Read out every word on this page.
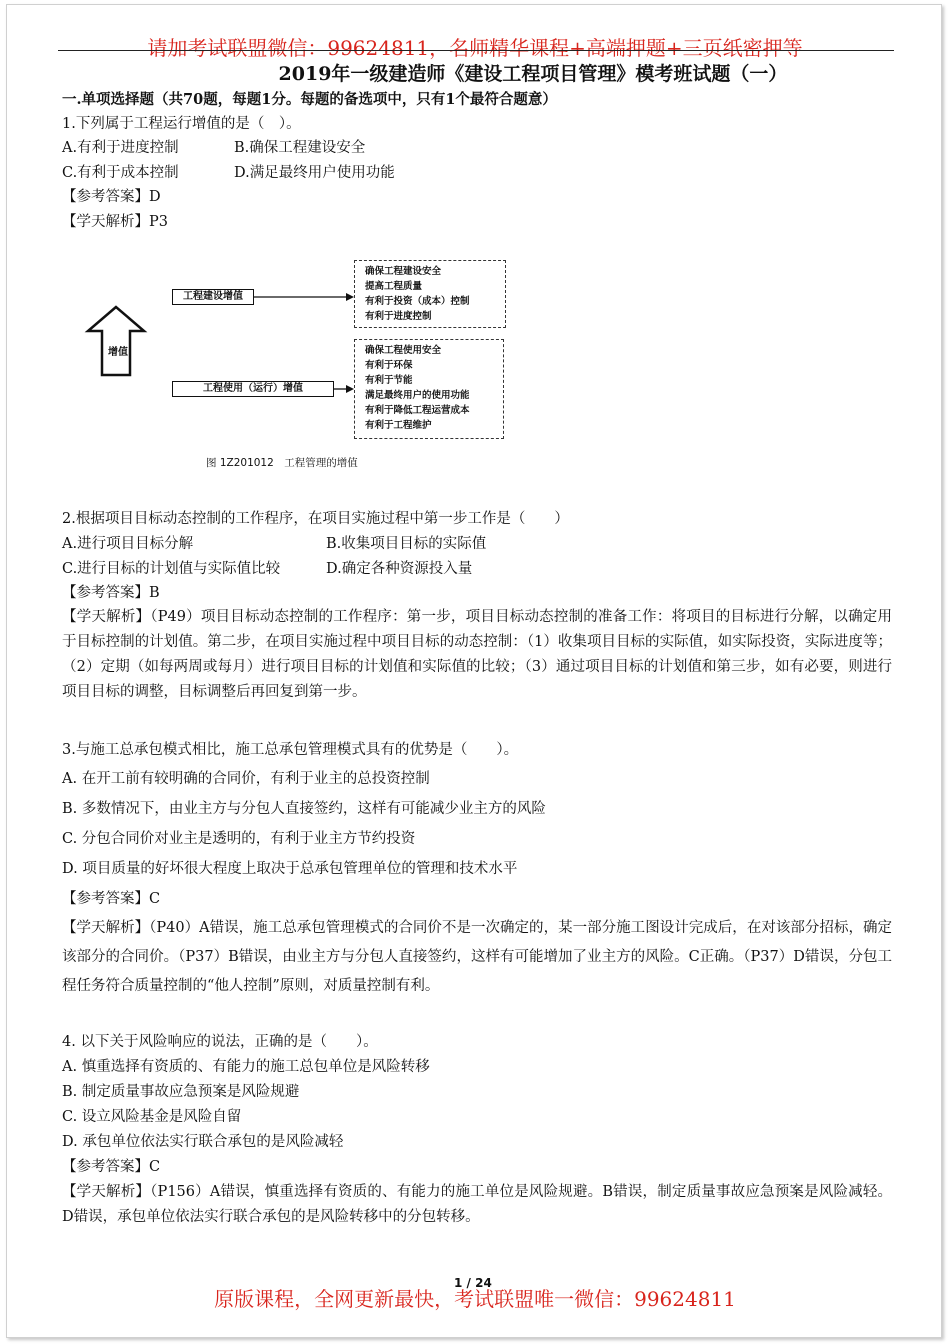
请加考试联盟微信：99624811，名师精华课程+高端押题+三页纸密押等
2019年一级建造师《建设工程项目管理》模考班试题（一）
一.单项选择题（共70题，每题1分。每题的备选项中，只有1个最符合题意）
1.下列属于工程运行增值的是（　）。
A.有利于进度控制	B.确保工程建设安全
C.有利于成本控制	D.满足最终用户使用功能
【参考答案】D
【学天解析】P3
工程建设增值
增值
工程使用（运行）增值
确保工程建设安全
提高工程质量
有利于投资（成本）控制
有利于进度控制
确保工程使用安全
有利于环保
有利于节能
满足最终用户的使用功能
有利于降低工程运营成本
有利于工程维护
图 1Z201012　工程管理的增值
2.根据项目目标动态控制的工作程序，在项目实施过程中第一步工作是（　　）
A.进行项目目标分解	B.收集项目目标的实际值
C.进行目标的计划值与实际值比较	D.确定各种资源投入量
【参考答案】B
【学天解析】（P49）项目目标动态控制的工作程序：第一步，项目目标动态控制的准备工作：将项目的目标进行分解，以确定用于目标控制的计划值。第二步，在项目实施过程中项目目标的动态控制：（1）收集项目目标的实际值，如实际投资，实际进度等；（2）定期（如每两周或每月）进行项目目标的计划值和实际值的比较；（3）通过项目目标的计划值和第三步，如有必要，则进行项目目标的调整，目标调整后再回复到第一步。
3.与施工总承包模式相比，施工总承包管理模式具有的优势是（　　）。
A. 在开工前有较明确的合同价，有利于业主的总投资控制
B. 多数情况下，由业主方与分包人直接签约，这样有可能减少业主方的风险
C. 分包合同价对业主是透明的，有利于业主方节约投资
D. 项目质量的好坏很大程度上取决于总承包管理单位的管理和技术水平
【参考答案】C
【学天解析】（P40）A错误，施工总承包管理模式的合同价不是一次确定的，某一部分施工图设计完成后，在对该部分招标，确定该部分的合同价。（P37）B错误，由业主方与分包人直接签约，这样有可能增加了业主方的风险。C正确。（P37）D错误，分包工程任务符合质量控制的“他人控制”原则，对质量控制有利。
4. 以下关于风险响应的说法，正确的是（　　）。
A. 慎重选择有资质的、有能力的施工总包单位是风险转移
B. 制定质量事故应急预案是风险规避
C. 设立风险基金是风险自留
D. 承包单位依法实行联合承包的是风险减轻
【参考答案】C
【学天解析】（P156）A错误，慎重选择有资质的、有能力的施工单位是风险规避。B错误，制定质量事故应急预案是风险减轻。D错误，承包单位依法实行联合承包的是风险转移中的分包转移。
1 / 24
原版课程，全网更新最快，考试联盟唯一微信：99624811
